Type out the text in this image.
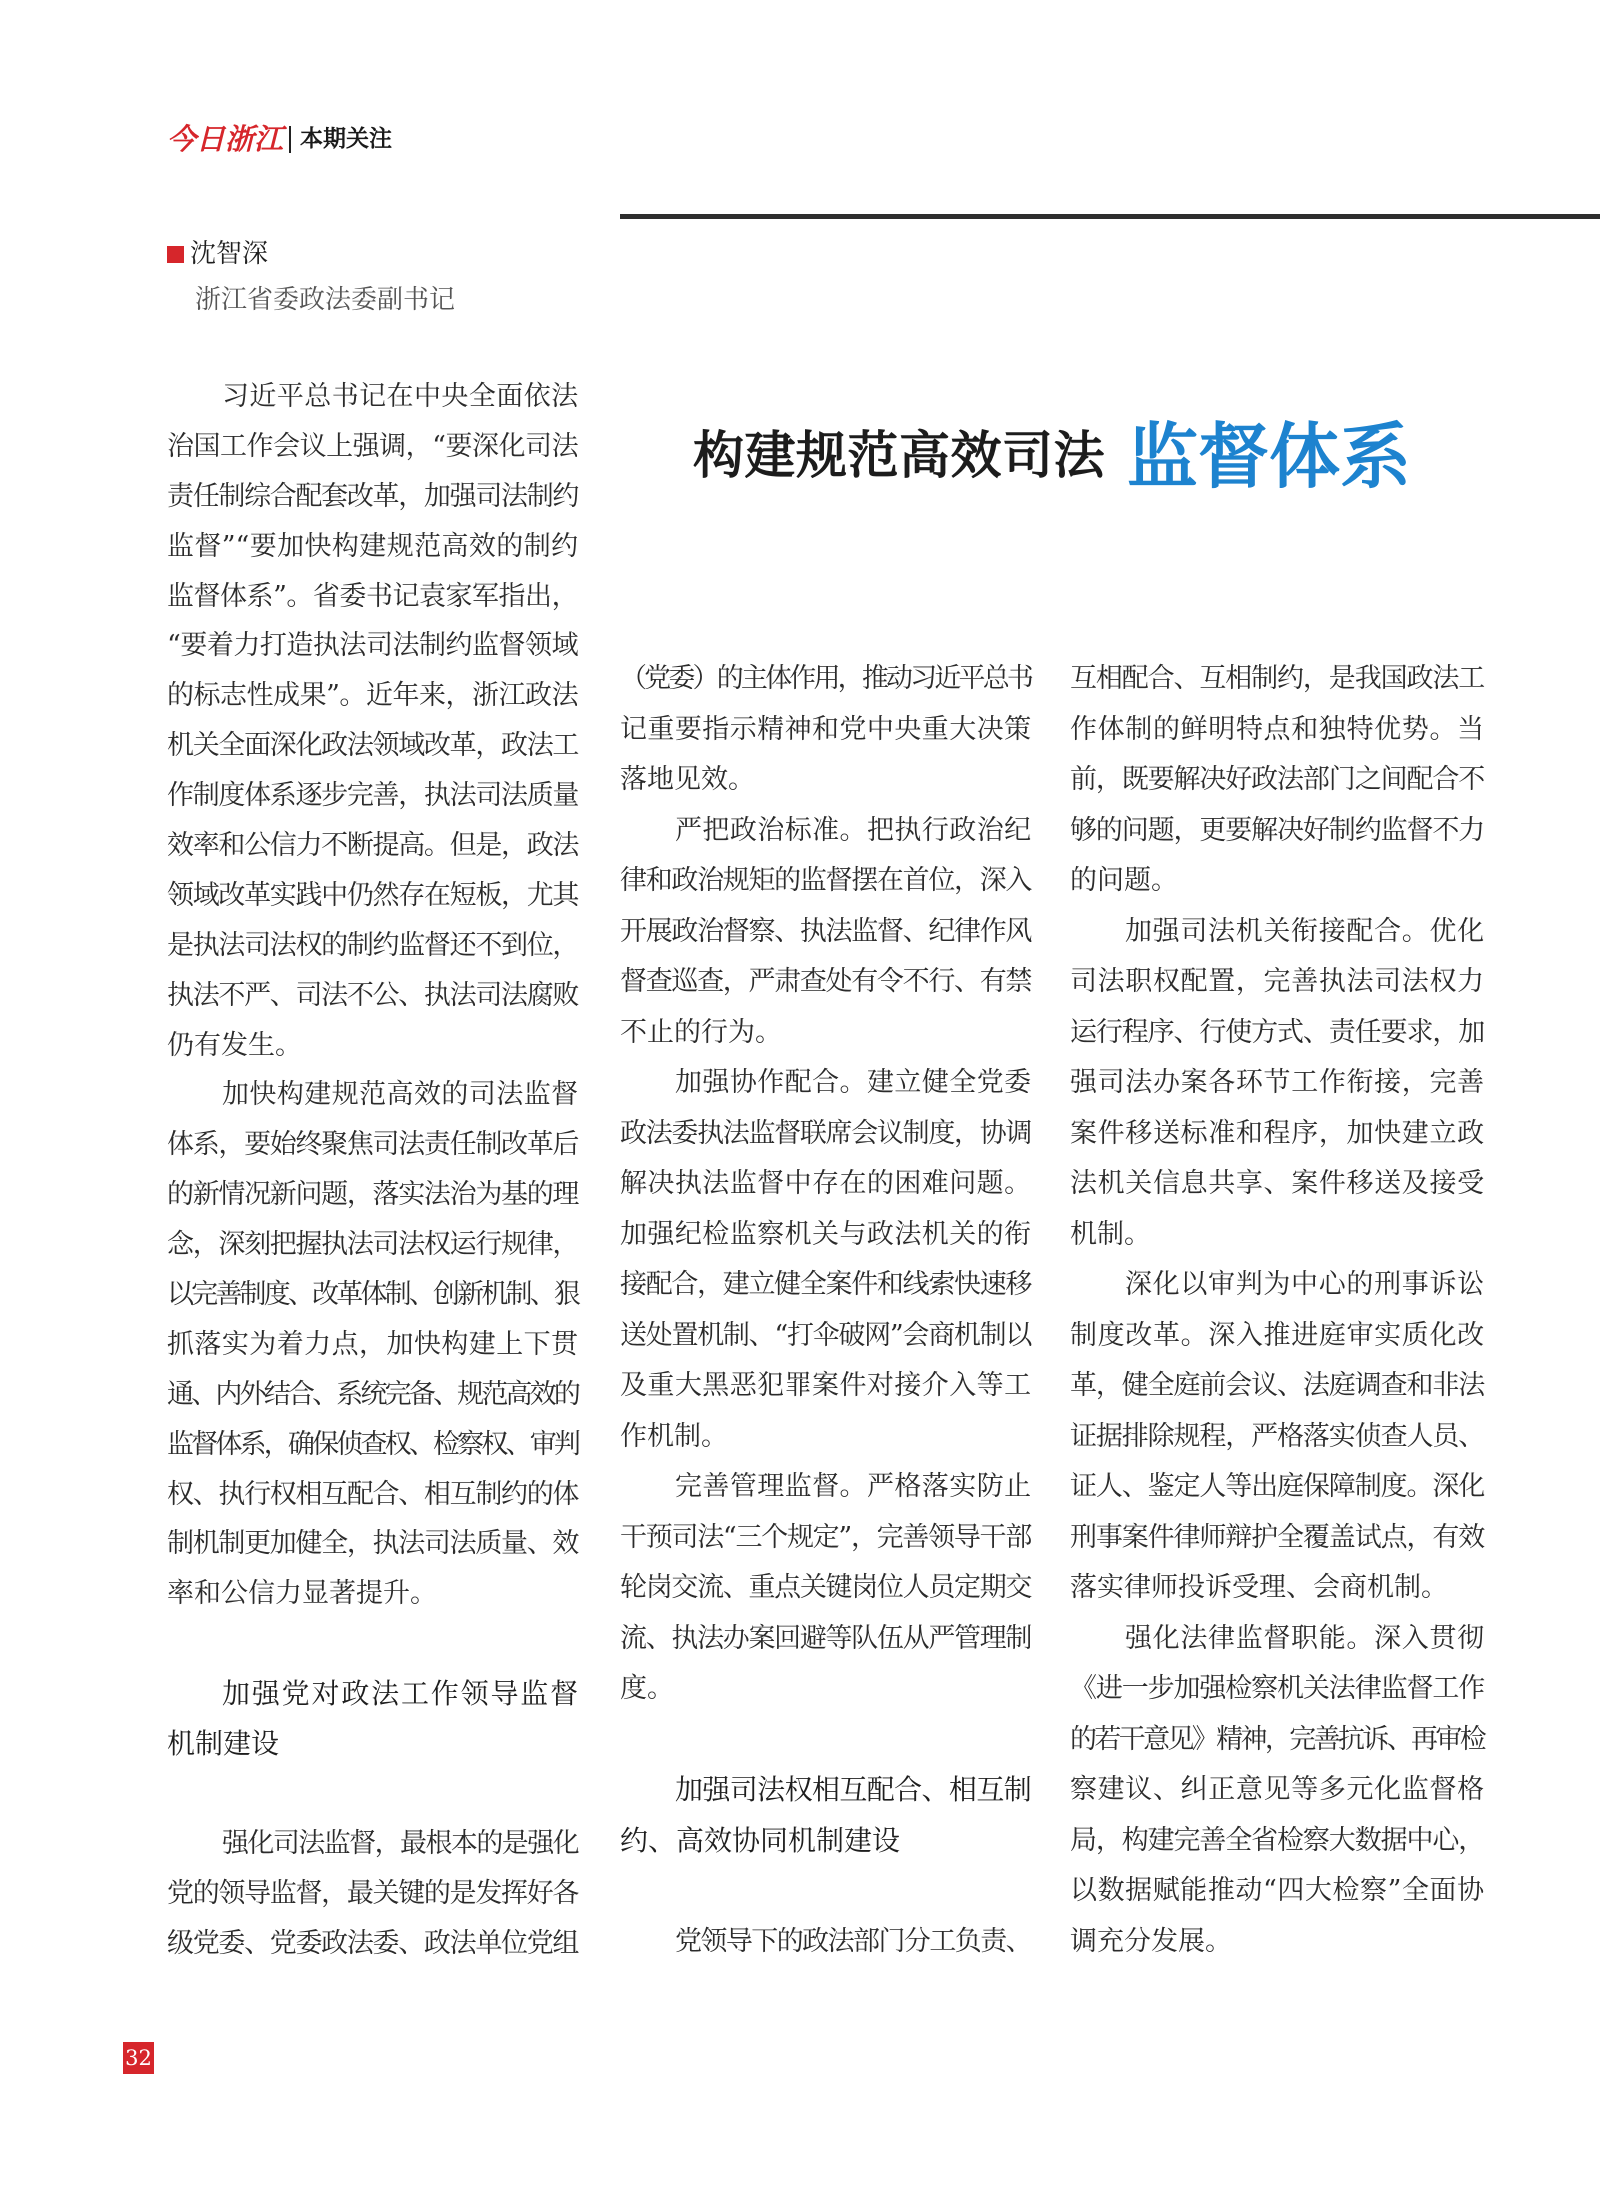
今日浙江 本期关注
沈智深
浙江省委政法委副书记
构建规范高效司法 监督体系
习近平总书记在中央全面依法
治国工作会议上强调，“要深化司法
责任制综合配套改革，加强司法制约
监督”“要加快构建规范高效的制约
监督体系”。省委书记袁家军指出，
“要着力打造执法司法制约监督领域
的标志性成果”。近年来，浙江政法
机关全面深化政法领域改革，政法工
作制度体系逐步完善，执法司法质量
效率和公信力不断提高。但是，政法
领域改革实践中仍然存在短板，尤其
是执法司法权的制约监督还不到位，
执法不严、司法不公、执法司法腐败
仍有发生。
加快构建规范高效的司法监督
体系，要始终聚焦司法责任制改革后
的新情况新问题，落实法治为基的理
念，深刻把握执法司法权运行规律，
以完善制度、改革体制、创新机制、狠
抓落实为着力点，加快构建上下贯
通、内外结合、系统完备、规范高效的
监督体系，确保侦查权、检察权、审判
权、执行权相互配合、相互制约的体
制机制更加健全，执法司法质量、效
率和公信力显著提升。
加强党对政法工作领导监督
机制建设
强化司法监督，最根本的是强化
党的领导监督，最关键的是发挥好各
级党委、党委政法委、政法单位党组
（党委）的主体作用，推动习近平总书
记重要指示精神和党中央重大决策
落地见效。
严把政治标准。把执行政治纪
律和政治规矩的监督摆在首位，深入
开展政治督察、执法监督、纪律作风
督查巡查，严肃查处有令不行、有禁
不止的行为。
加强协作配合。建立健全党委
政法委执法监督联席会议制度，协调
解决执法监督中存在的困难问题。
加强纪检监察机关与政法机关的衔
接配合，建立健全案件和线索快速移
送处置机制、“打伞破网”会商机制以
及重大黑恶犯罪案件对接介入等工
作机制。
完善管理监督。严格落实防止
干预司法“三个规定”，完善领导干部
轮岗交流、重点关键岗位人员定期交
流、执法办案回避等队伍从严管理制
度。
加强司法权相互配合、相互制
约、高效协同机制建设
党领导下的政法部门分工负责、
互相配合、互相制约，是我国政法工
作体制的鲜明特点和独特优势。当
前，既要解决好政法部门之间配合不
够的问题，更要解决好制约监督不力
的问题。
加强司法机关衔接配合。优化
司法职权配置，完善执法司法权力
运行程序、行使方式、责任要求，加
强司法办案各环节工作衔接，完善
案件移送标准和程序，加快建立政
法机关信息共享、案件移送及接受
机制。
深化以审判为中心的刑事诉讼
制度改革。深入推进庭审实质化改
革，健全庭前会议、法庭调查和非法
证据排除规程，严格落实侦查人员、
证人、鉴定人等出庭保障制度。深化
刑事案件律师辩护全覆盖试点，有效
落实律师投诉受理、会商机制。
强化法律监督职能。深入贯彻
《进一步加强检察机关法律监督工作
的若干意见》精神，完善抗诉、再审检
察建议、纠正意见等多元化监督格
局，构建完善全省检察大数据中心，
以数据赋能推动“四大检察”全面协
调充分发展。
32
